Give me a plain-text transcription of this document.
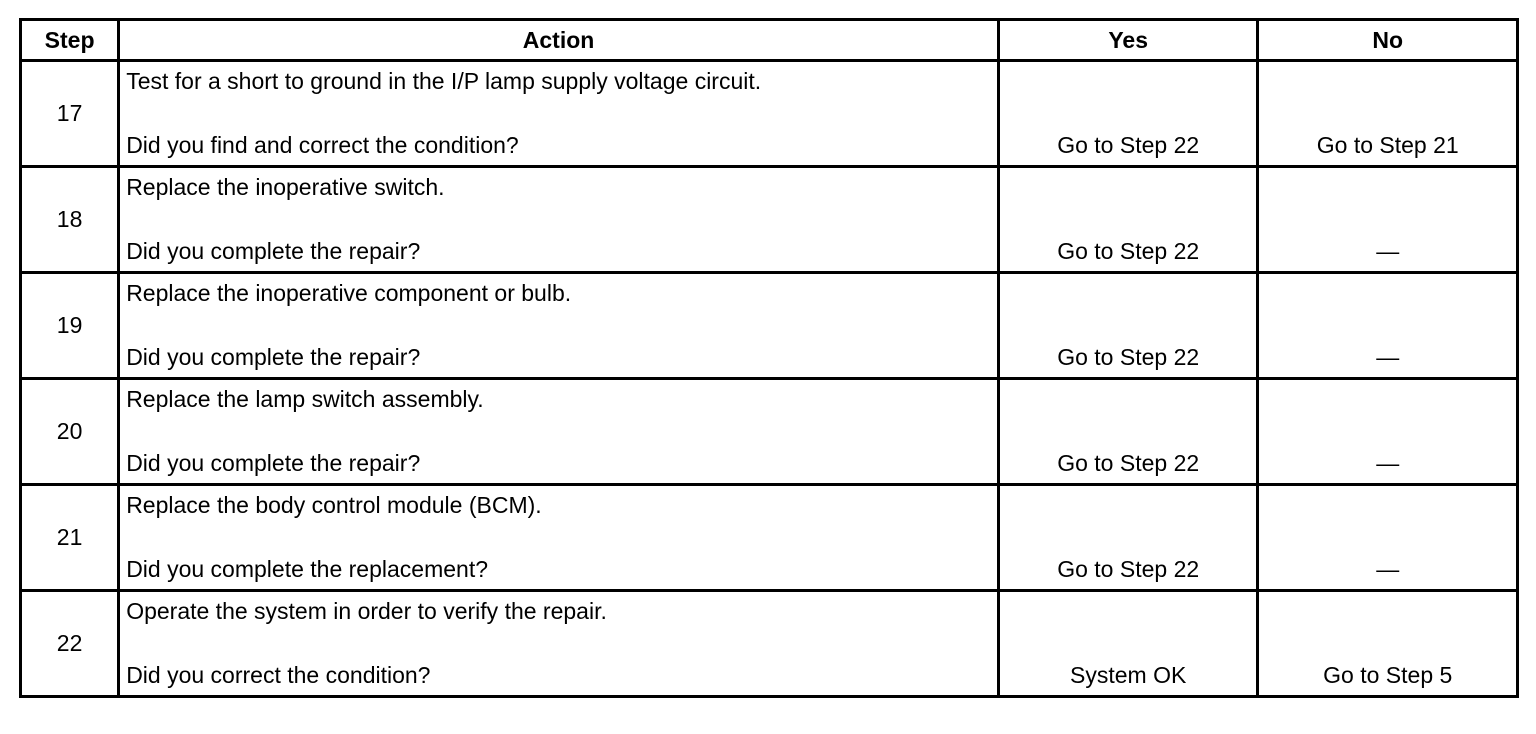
Step	Action	Yes	No
17	Test for a short to ground in the I/P lamp supply voltage circuit.
Did you find and correct the condition?	Go to Step 22	Go to Step 21

18	Replace the inoperative switch.
Did you complete the repair?	Go to Step 22	—

19	Replace the inoperative component or bulb.
Did you complete the repair?	Go to Step 22	—

20	Replace the lamp switch assembly.
Did you complete the repair?	Go to Step 22	—

21	Replace the body control module (BCM).
Did you complete the replacement?	Go to Step 22	—

22	Operate the system in order to verify the repair.
Did you correct the condition?	System OK	Go to Step 5
